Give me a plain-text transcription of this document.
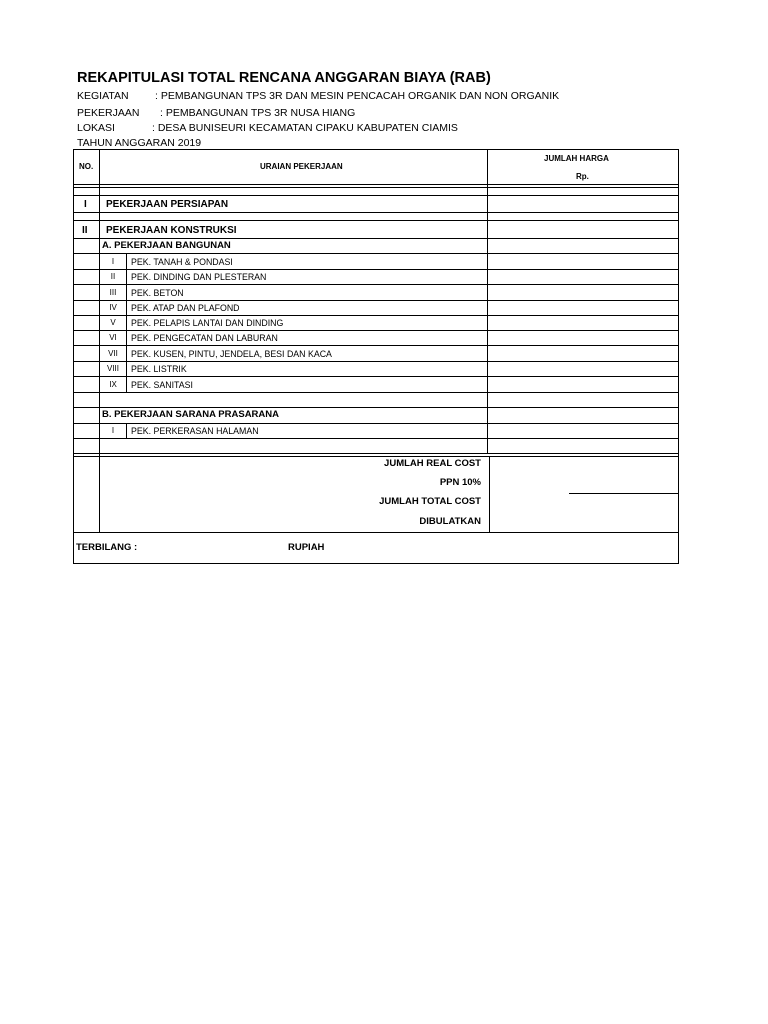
REKAPITULASI TOTAL RENCANA ANGGARAN BIAYA (RAB)
KEGIATAN	: PEMBANGUNAN TPS 3R DAN MESIN PENCACAH ORGANIK DAN NON ORGANIK
PEKERJAAN : PEMBANGUNAN TPS 3R NUSA HIANG
LOKASI	: DESA BUNISEURI KECAMATAN CIPAKU KABUPATEN CIAMIS
TAHUN ANGGARAN 2019
NO.	URAIAN PEKERJAAN
JUMLAH HARGA
Rp.
I PEKERJAAN PERSIAPAN
II PEKERJAAN KONSTRUKSI
A. PEKERJAAN BANGUNAN
I	PEK. TANAH & PONDASI
II	PEK. DINDING DAN PLESTERAN
III	PEK. BETON
IV	PEK. ATAP DAN PLAFOND
V	PEK. PELAPIS LANTAI DAN DINDING
VI	PEK. PENGECATAN DAN LABURAN
VII	PEK. KUSEN, PINTU, JENDELA, BESI DAN KACA
VIII	PEK. LISTRIK
IX	PEK. SANITASI
B. PEKERJAAN SARANA PRASARANA
I	PEK. PERKERASAN HALAMAN
JUMLAH REAL COST
PPN 10%
JUMLAH TOTAL COST
DIBULATKAN
TERBILANG :	RUPIAH
